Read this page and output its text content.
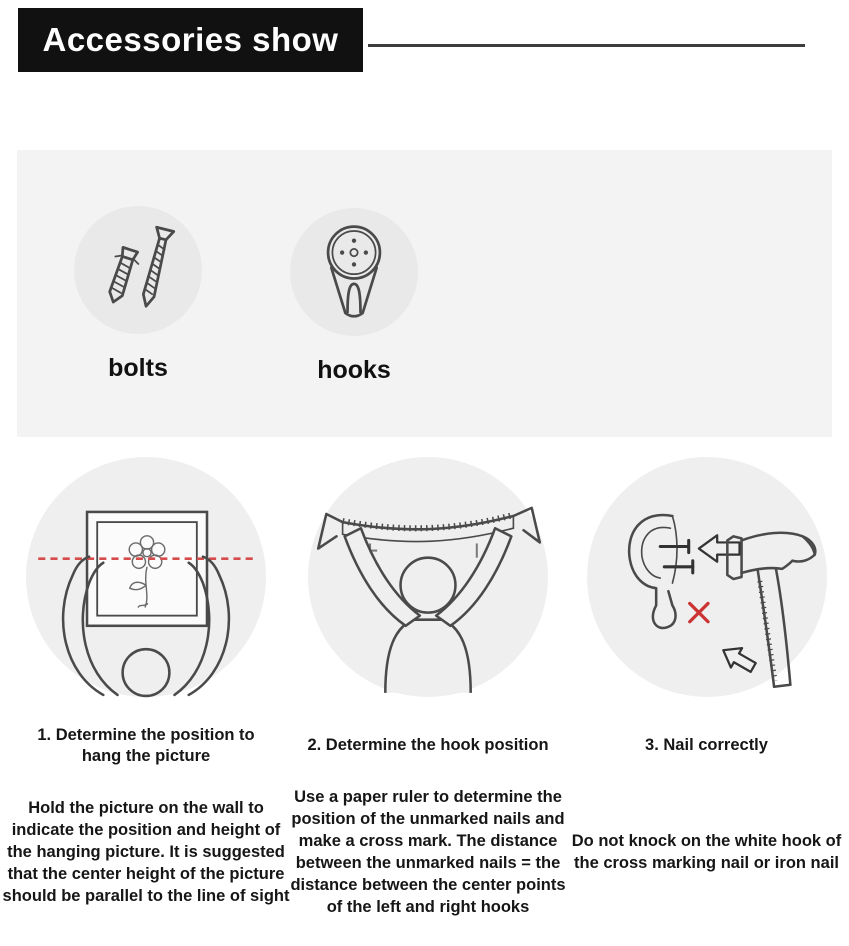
Accessories show
bolts	hooks
1. Determine the position to hang the picture
Hold the picture on the wall to indicate the position and height of the hanging picture. It is suggested that the center height of the picture should be parallel to the line of sight
2. Determine the hook position
Use a paper ruler to determine the position of the unmarked nails and make a cross mark. The distance between the unmarked nails = the distance between the center points of the left and right hooks
3. Nail correctly
Do not knock on the white hook of the cross marking nail or iron nail
